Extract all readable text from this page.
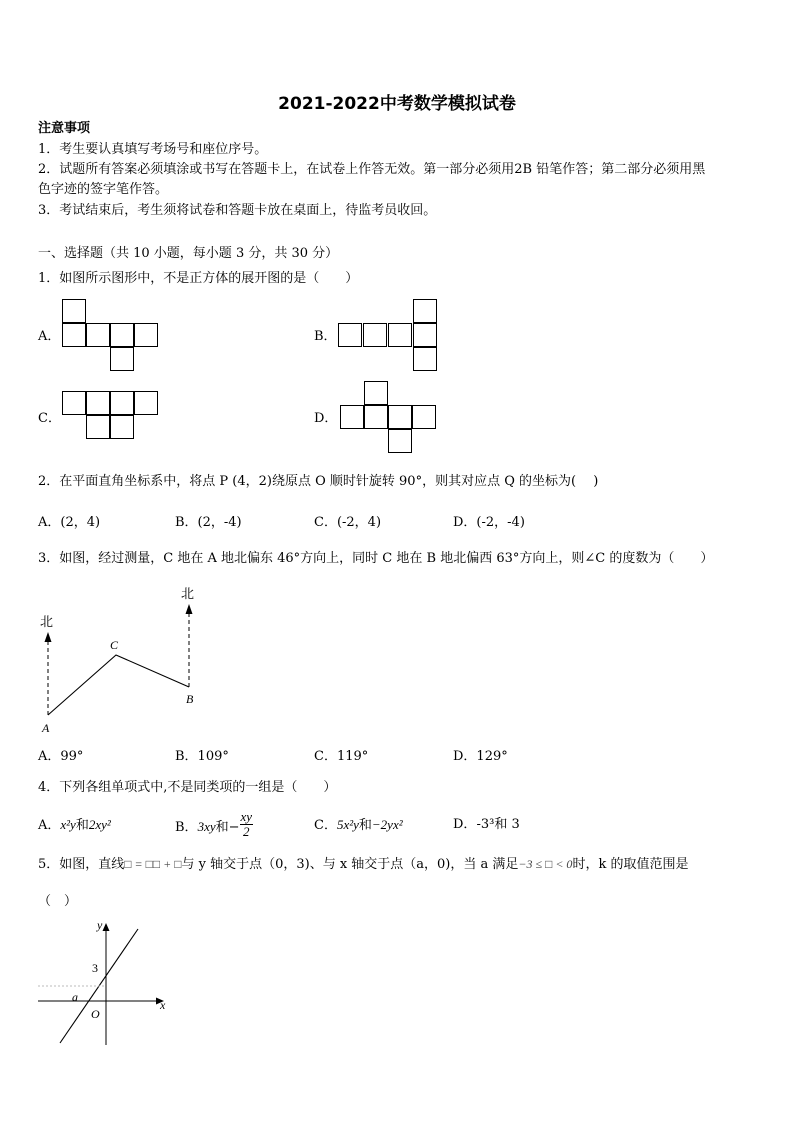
2021-2022中考数学模拟试卷
注意事项
1．考生要认真填写考场号和座位序号。
2．试题所有答案必须填涂或书写在答题卡上，在试卷上作答无效。第一部分必须用2B 铅笔作答；第二部分必须用黑
色字迹的签字笔作答。
3．考试结束后，考生须将试卷和答题卡放在桌面上，待监考员收回。
一、选择题（共 10 小题，每小题 3 分，共 30 分）
1．如图所示图形中，不是正方体的展开图的是（　　）
A．	B．
C．	D．
2．在平面直角坐标系中，将点 P (4，2)绕原点 O 顺时针旋转 90°，则其对应点 Q 的坐标为(　 )
A．(2，4)	B．(2，-4)	C．(-2，4)	D．(-2，-4)
3．如图，经过测量，C 地在 A 地北偏东 46°方向上，同时 C 地在 B 地北偏西 63°方向上，则∠C 的度数为（　　）
北
北
C
B
A
A．99°	B．109°	C．119°	D．129°
4．下列各组单项式中,不是同类项的一组是（　　）
A．x²y和2xy²	B．3xy和− $\frac{xy}{2}$	C．5x²y和−2yx²	D．-3³和 3
5．如图，直线□ = □□ + □与 y 轴交于点（0，3)、与 x 轴交于点（a，0)，当 a 满足−3 ≤ □ < 0时，k 的取值范围是
（　）
y
x
3
a
O
